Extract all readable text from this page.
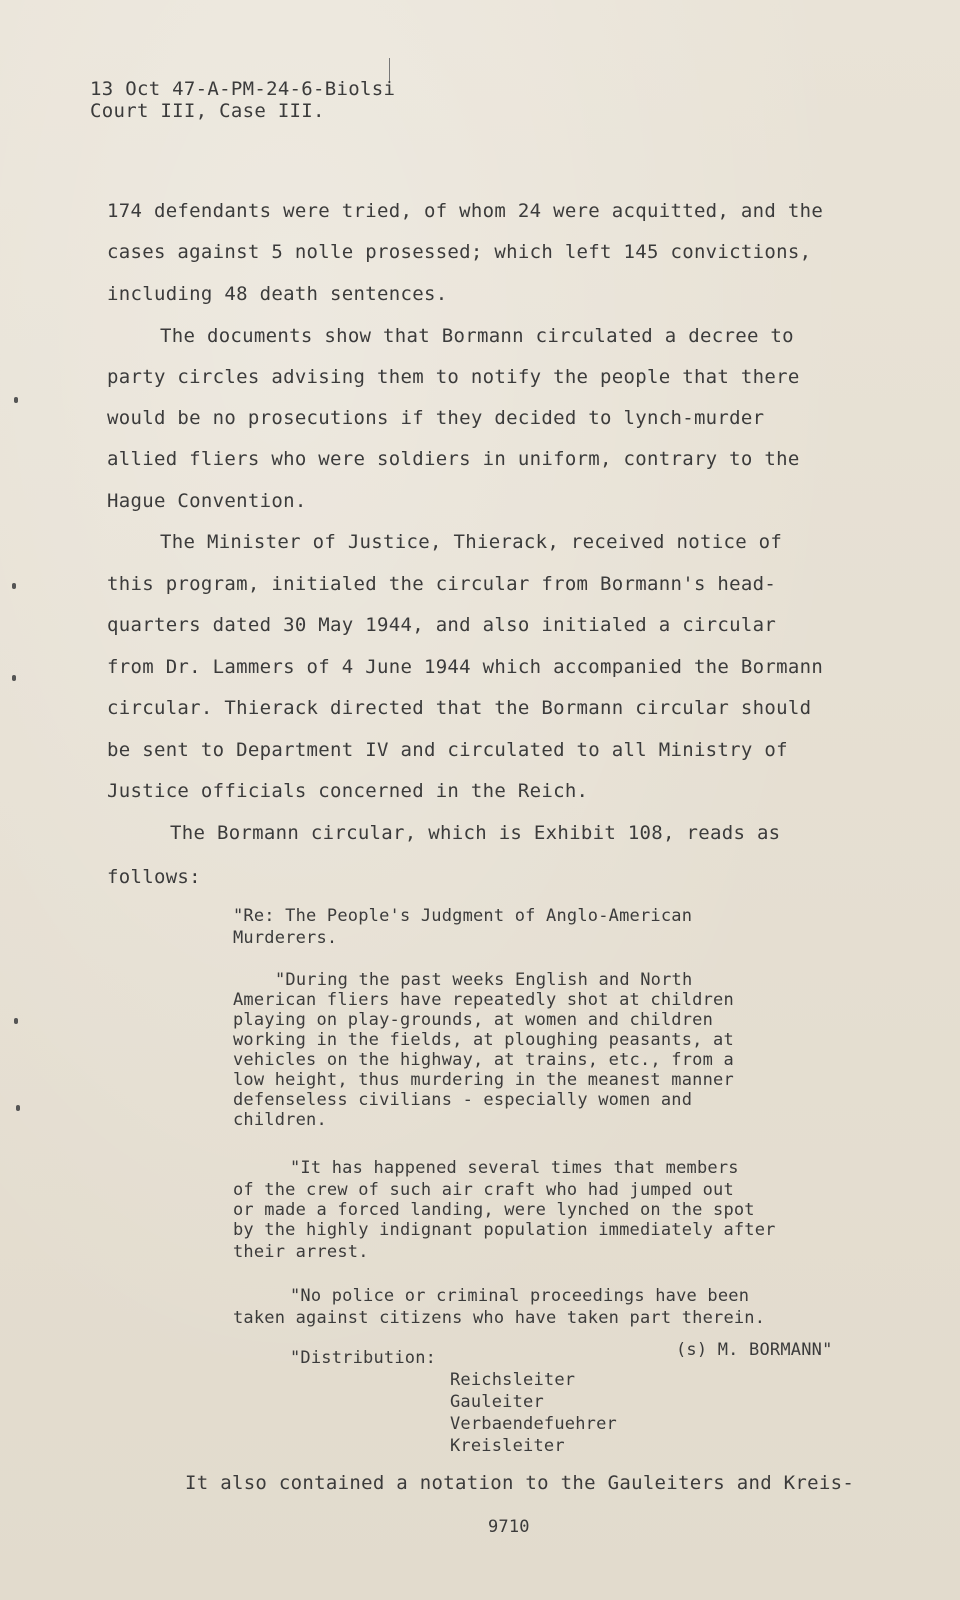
13 Oct 47-A-PM-24-6-Biolsi
Court III, Case III.
174 defendants were tried, of whom 24 were acquitted, and the
cases against 5 nolle prosessed; which left 145 convictions,
including 48 death sentences.
The documents show that Bormann circulated a decree to
party circles advising them to notify the people that there
would be no prosecutions if they decided to lynch-murder
allied fliers who were soldiers in uniform, contrary to the
Hague Convention.
The Minister of Justice, Thierack, received notice of
this program, initialed the circular from Bormann's head-
quarters dated 30 May 1944, and also initialed a circular
from Dr. Lammers of 4 June 1944 which accompanied the Bormann
circular. Thierack directed that the Bormann circular should
be sent to Department IV and circulated to all Ministry of
Justice officials concerned in the Reich.
The Bormann circular, which is Exhibit 108, reads as
follows:
"Re: The People's Judgment of Anglo-American
Murderers.
"During the past weeks English and North
American fliers have repeatedly shot at children
playing on play-grounds, at women and children
working in the fields, at ploughing peasants, at
vehicles on the highway, at trains, etc., from a
low height, thus murdering in the meanest manner
defenseless civilians - especially women and
children.
"It has happened several times that members
of the crew of such air craft who had jumped out
or made a forced landing, were lynched on the spot
by the highly indignant population immediately after
their arrest.
"No police or criminal proceedings have been
taken against citizens who have taken part therein.
"Distribution:	(s) M. BORMANN"
Reichsleiter
Gauleiter
Verbaendefuehrer
Kreisleiter
It also contained a notation to the Gauleiters and Kreis-
9710
